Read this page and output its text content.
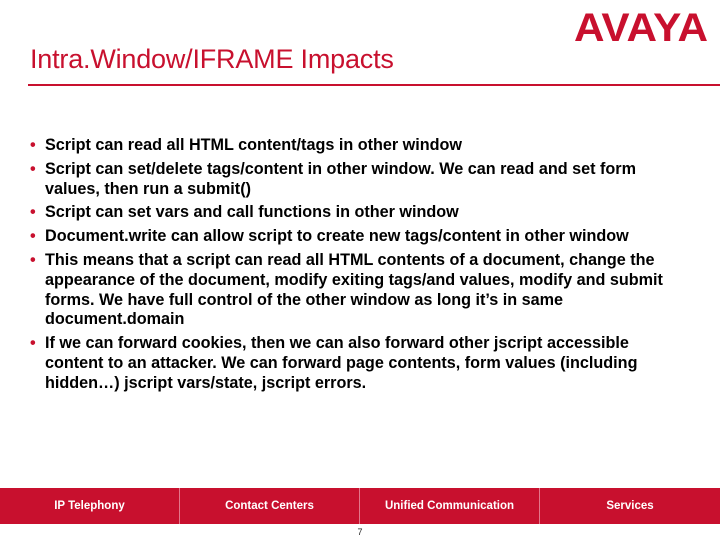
AVAYA
Intra.Window/IFRAME Impacts
• Script can read all HTML content/tags in other window
• Script can set/delete tags/content in other window. We can read and set form values, then run a submit()
• Script can set vars and call functions in other window
• Document.write can allow script to create new tags/content in other window
• This means that a script can read all HTML contents of a document, change the appearance of the document, modify exiting tags/and values, modify and submit forms. We have full control of the other window as long it’s in same document.domain
• If we can forward cookies, then we can also forward other jscript accessible content to an attacker. We can forward page contents, form values (including hidden…) jscript vars/state, jscript errors.
IP Telephony	Contact Centers	Unified Communication	Services
7
